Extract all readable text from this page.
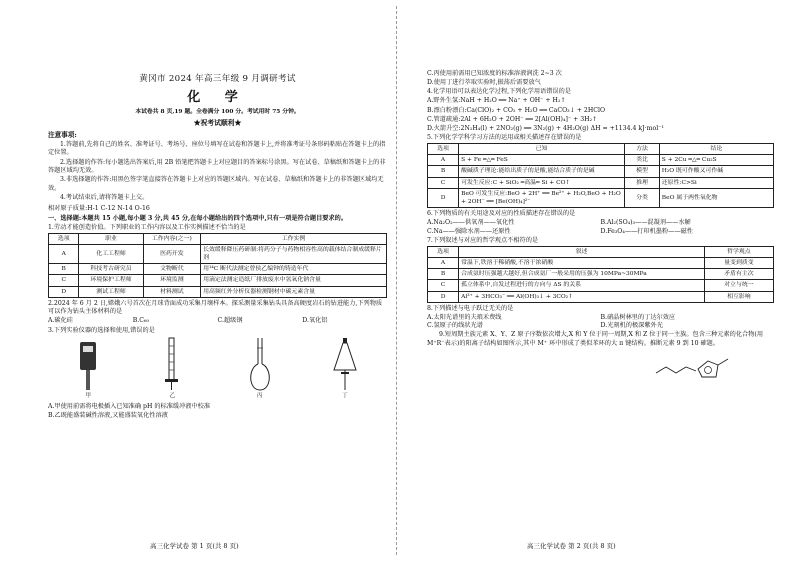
黄冈市 2024 年高三年级 9 月调研考试
化 学
本试卷共 8 页,19 题。全卷满分 100 分。考试用时 75 分钟。
★祝考试顺利★
注意事项:

1.答题前,先将自己的姓名、准考证号、考场号、座位号填写在试卷和答题卡上,并将准考证号条形码粘贴在答题卡上的指定位置。

2.选择题的作答:每小题选出答案后,用 2B 铅笔把答题卡上对应题目的答案标号涂黑。写在试卷、草稿纸和答题卡上的非答题区域均无效。

3.非选择题的作答:用黑色签字笔直接答在答题卡上对应的答题区域内。写在试卷、草稿纸和答题卡上的非答题区域均无效。

4.考试结束后,请将答题卡上交。

相对原子质量:H-1 C-12 N-14 O-16

一、选择题:本题共 15 小题,每小题 3 分,共 45 分,在每小题给出的四个选项中,只有一项是符合题目要求的。

1.劳动才能创造价值。下列职业的工作内容以及工作实例描述不恰当的是

选项	职业	工作内容(之一)	工作实例
A	化工工程师	医药开发	长效缓释降压药研制:将药分子与药物相容性高的载体结合制成缓释片剂
B	科技考古研究员	文物断代	用¹⁴C 断代法测定曾侯乙编钟的铸造年代
C	环境保护工程师	环境监测	用滴定法测定造纸厂排放废水中氢氧化钠含量
D	测试工程师	材料测试	用高频红外分析仪器检测钢材中碳元素含量

2.2024 年 6 月 2 日,嫦娥六号首次在月球背面成功采集月壤样本。探采测量采集钻头具备高硬度岩石的钻进能力,下列物质可以作为钻头主体材料的是

A.碳化硅	B.C₆₀	C.超级钢	D.氧化铝

3.下列实验仪器的选择和使用,错误的是

甲	乙	丙	丁

A.甲使用前需将电极插入已知准确 pH 的标准缓冲液中校准

B.乙既能盛装碱性溶液,又能盛装氧化性溶液

高三化学试卷 第 1 页(共 8 页)

C.丙使用前需用已知浓度的标准溶液润洗 2~3 次

D.使用丁进行萃取实验时,振荡后需要放气

4.化学用语可以表达化学过程,下列化学用语错误的是

A.野外生氢:NaH + H₂O ══ Na⁺ + OH⁻ + H₂↑

B.漂白粉漂白:Ca(ClO)₂ + CO₂ + H₂O ══ CaCO₃↓ + 2HClO

C.管道疏通:2Al + 6H₂O + 2OH⁻ ══ 2[Al(OH)₄]⁻ + 3H₂↑

D.火箭升空:2N₂H₄(l) + 2NO₂(g) ══ 3N₂(g) + 4H₂O(g) ΔH = +1134.4 kJ·mol⁻¹

5.下列化学学科学习方法的运用或相关描述存在错误的是

选项	已知	方法	结论
A	S + Fe ═△═ FeS	类比	S + 2Cu ═△═ Cu₂S
B	酸碱质子理论:能给出质子的是酸,能结合质子的是碱	模型	H₂O 既可作酸又可作碱
C	可发生反应:C + SiO₂ ═高温═ Si + CO↑	推理	还原性:C>Si
D	BeO 可发生反应:BeO + 2H⁺ ══ Be²⁺ + H₂O,BeO + H₂O + 2OH⁻ ══ [Be(OH)₄]²⁻	分类	BeO 属于两性氧化物

6.下列物质的有关用途及对应的性质描述存在错误的是

A.Na₂O₂——供氧剂——氧化性	B.Al₂(SO₄)₃——混凝剂——水解
C.Na——强除水剂——还原性	D.Fe₃O₄——打印机墨粉——磁性

7.下列叙述与对应的哲学观点不相符的是

选项	叙述	哲学观点
A	常温下,铁溶于稀硝酸,不溶于浓硝酸	量变到质变
B	合成氨时压强越大越好,但合成氨厂一般采用的压强为 10MPa~30MPa	矛盾有主次
C	孤立体系中,自发过程进行的方向与 ΔS 的关系	对立与统一
D	Al³⁺ + 3HCO₃⁻ ══ Al(OH)₃↓ + 3CO₂↑	相互影响

8.下列描述与电子跃迁无关的是

A.太阳光谱里的夫琅禾费线	B.硝晶树林里的丁达尔效应
C.氢原子的线状光谱	D.光刻机的极深紫外光

9.短周期主族元素 X、Y、Z 原子序数依次增大,X 和 Y 位于同一周期,X 和 Z 位于同一主族。包含三种元素的化合物(用 M⁺R⁻表示)的阳离子结构如图所示,其中 M⁺ 环中形成了类似苯环的大 π 键结构。推断元素 9 到 10 確題。

高三化学试卷 第 2 页(共 8 页)
